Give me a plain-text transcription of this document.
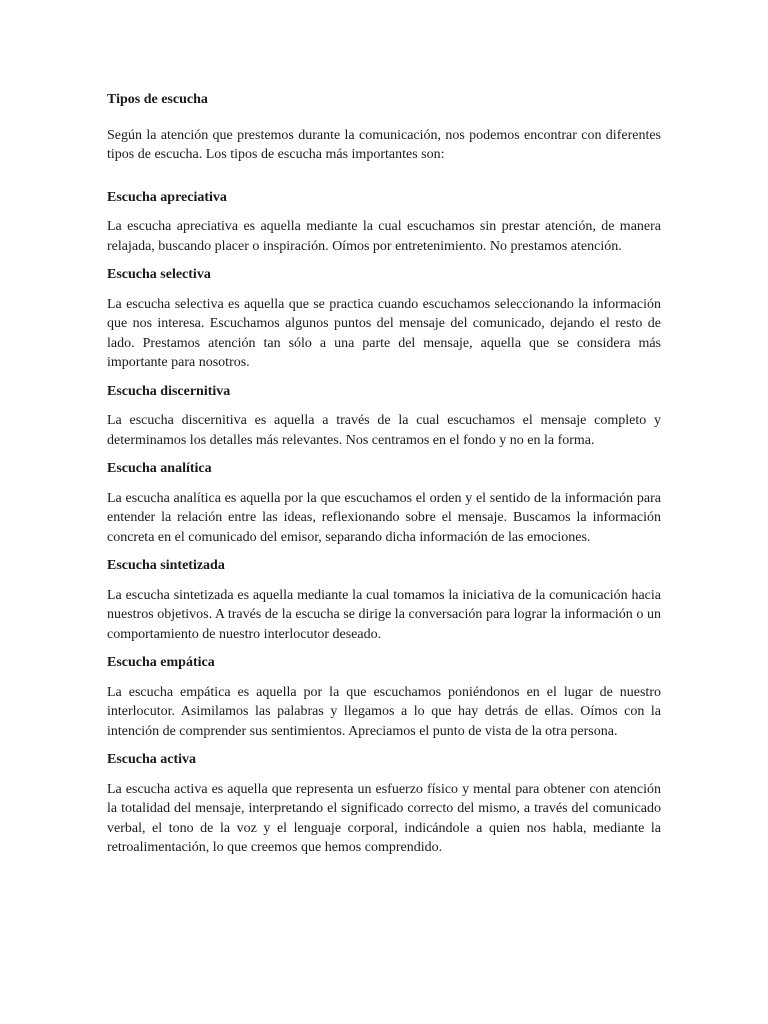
Tipos de escucha

Según la atención que prestemos durante la comunicación, nos podemos encontrar con diferentes tipos de escucha. Los tipos de escucha más importantes son:

Escucha apreciativa

La escucha apreciativa es aquella mediante la cual escuchamos sin prestar atención, de manera relajada, buscando placer o inspiración. Oímos por entretenimiento. No prestamos atención.

Escucha selectiva

La escucha selectiva es aquella que se practica cuando escuchamos seleccionando la información que nos interesa. Escuchamos algunos puntos del mensaje del comunicado, dejando el resto de lado. Prestamos atención tan sólo a una parte del mensaje, aquella que se considera más importante para nosotros.

Escucha discernitiva

La escucha discernitiva es aquella a través de la cual escuchamos el mensaje completo y determinamos los detalles más relevantes. Nos centramos en el fondo y no en la forma.

Escucha analítica

La escucha analítica es aquella por la que escuchamos el orden y el sentido de la información para entender la relación entre las ideas, reflexionando sobre el mensaje. Buscamos la información concreta en el comunicado del emisor, separando dicha información de las emociones.

Escucha sintetizada

La escucha sintetizada es aquella mediante la cual tomamos la iniciativa de la comunicación hacia nuestros objetivos. A través de la escucha se dirige la conversación para lograr la información o un comportamiento de nuestro interlocutor deseado.

Escucha empática

La escucha empática es aquella por la que escuchamos poniéndonos en el lugar de nuestro interlocutor. Asimilamos las palabras y llegamos a lo que hay detrás de ellas. Oímos con la intención de comprender sus sentimientos. Apreciamos el punto de vista de la otra persona.

Escucha activa

La escucha activa es aquella que representa un esfuerzo físico y mental para obtener con atención la totalidad del mensaje, interpretando el significado correcto del mismo, a través del comunicado verbal, el tono de la voz y el lenguaje corporal, indicándole a quien nos habla, mediante la retroalimentación, lo que creemos que hemos comprendido.
